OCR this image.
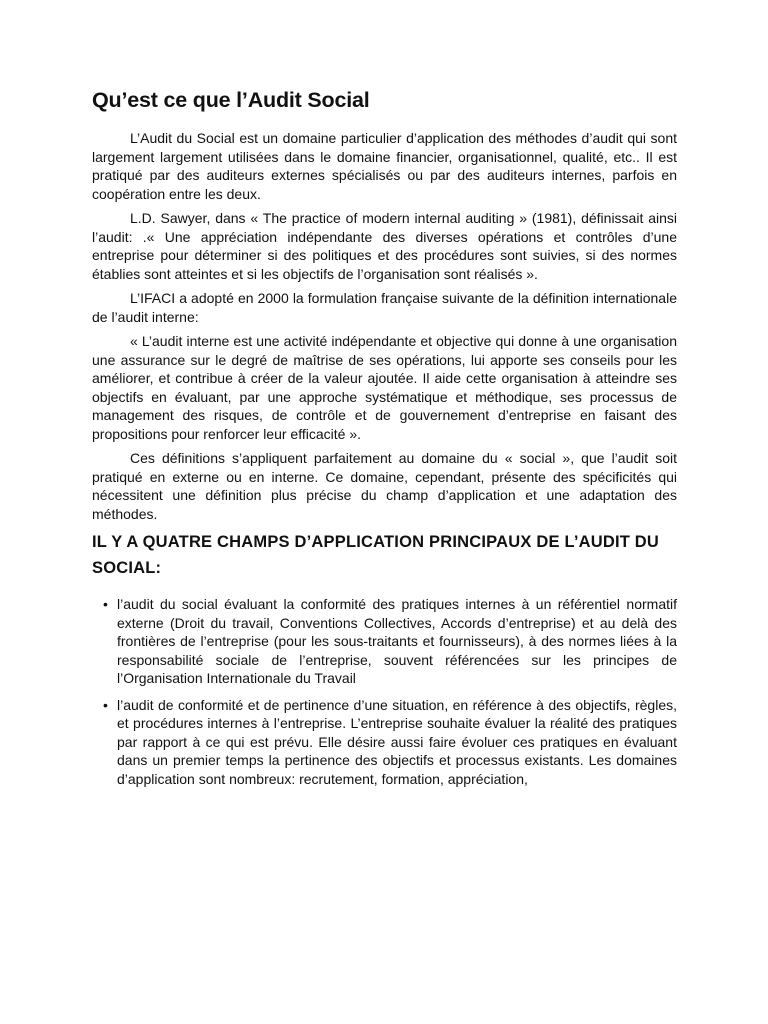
Qu’est ce que l’Audit Social

L’Audit du Social est un domaine particulier d’application des méthodes d’audit qui sont largement largement utilisées dans le domaine financier, organisationnel, qualité, etc.. Il est pratiqué par des auditeurs externes spécialisés ou par des auditeurs internes, parfois en coopération entre les deux.

L.D. Sawyer, dans « The practice of modern internal auditing » (1981), définissait ainsi l’audit: .« Une appréciation indépendante des diverses opérations et contrôles d’une entreprise pour déterminer si des politiques et des procédures sont suivies, si des normes établies sont atteintes et si les objectifs de l’organisation sont réalisés ».

L’IFACI a adopté en 2000 la formulation française suivante de la définition internationale de l’audit interne:

« L’audit interne est une activité indépendante et objective qui donne à une organisation une assurance sur le degré de maîtrise de ses opérations, lui apporte ses conseils pour les améliorer, et contribue à créer de la valeur ajoutée. Il aide cette organisation à atteindre ses objectifs en évaluant, par une approche systématique et méthodique, ses processus de management des risques, de contrôle et de gouvernement d’entreprise en faisant des propositions pour renforcer leur efficacité ».

Ces définitions s’appliquent parfaitement au domaine du « social », que l’audit soit pratiqué en externe ou en interne. Ce domaine, cependant, présente des spécificités qui nécessitent une définition plus précise du champ d’application et une adaptation des méthodes.

IL Y A QUATRE CHAMPS D’APPLICATION PRINCIPAUX DE L’AUDIT DU SOCIAL:
• l’audit du social évaluant la conformité des pratiques internes à un référentiel normatif externe (Droit du travail, Conventions Collectives, Accords d’entreprise) et au delà des frontières de l’entreprise (pour les sous-traitants et fournisseurs), à des normes liées à la responsabilité sociale de l’entreprise, souvent référencées sur les principes de l’Organisation Internationale du Travail
• l’audit de conformité et de pertinence d’une situation, en référence à des objectifs, règles, et procédures internes à l’entreprise. L’entreprise souhaite évaluer la réalité des pratiques par rapport à ce qui est prévu. Elle désire aussi faire évoluer ces pratiques en évaluant dans un premier temps la pertinence des objectifs et processus existants. Les domaines d’application sont nombreux: recrutement, formation, appréciation,
